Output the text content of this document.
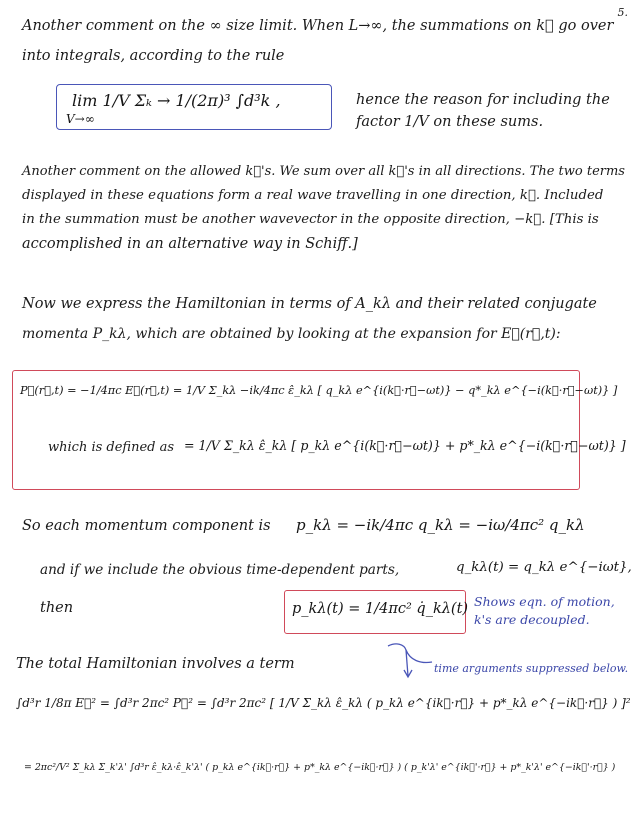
5.
Another comment on the ∞ size limit. When L→∞, the summations on k⃗ go over
into integrals, according to the rule
lim 1/V Σₖ → 1/(2π)³ ∫d³k ,
V→∞
hence the reason for including the
factor 1/V on these sums.
Another comment on the allowed k⃗'s. We sum over all k⃗'s in all directions. The two terms
displayed in these equations form a real wave travelling in one direction, k⃗. Included
in the summation must be another wavevector in the opposite direction, −k⃗. [This is
accomplished in an alternative way in Schiff.]
Now we express the Hamiltonian in terms of A_kλ and their related conjugate
momenta P_kλ, which are obtained by looking at the expansion for E⃗(r⃗,t):
P⃗(r⃗,t) = −1/4πc E⃗(r⃗,t) = 1/V Σ_kλ −ik/4πc ε̂_kλ [ q_kλ e^{i(k⃗·r⃗−ωt)} − q*_kλ e^{−i(k⃗·r⃗−ωt)} ]
which is defined as = 1/V Σ_kλ ε̂_kλ [ p_kλ e^{i(k⃗·r⃗−ωt)} + p*_kλ e^{−i(k⃗·r⃗−ωt)} ]
So each momentum component is p_kλ = −ik/4πc q_kλ = −iω/4πc² q_kλ
and if we include the obvious time-dependent parts,	q_kλ(t) = q_kλ e^{−iωt},
then	p_kλ(t) = 1/4πc² q̇_kλ(t) Shows eqn. of motion,
k's are decoupled.
The total Hamiltonian involves a term	time arguments suppressed below.
∫d³r 1/8π E⃗² = ∫d³r 2πc² P⃗² = ∫d³r 2πc² [ 1/V Σ_kλ ε̂_kλ ( p_kλ e^{ik⃗·r⃗} + p*_kλ e^{−ik⃗·r⃗} ) ]²
= 2πc²/V² Σ_kλ Σ_k'λ' ∫d³r ε̂_kλ·ε̂_k'λ' ( p_kλ e^{ik⃗·r⃗} + p*_kλ e^{−ik⃗·r⃗} ) ( p_k'λ' e^{ik⃗'·r⃗} + p*_k'λ' e^{−ik⃗'·r⃗} )
